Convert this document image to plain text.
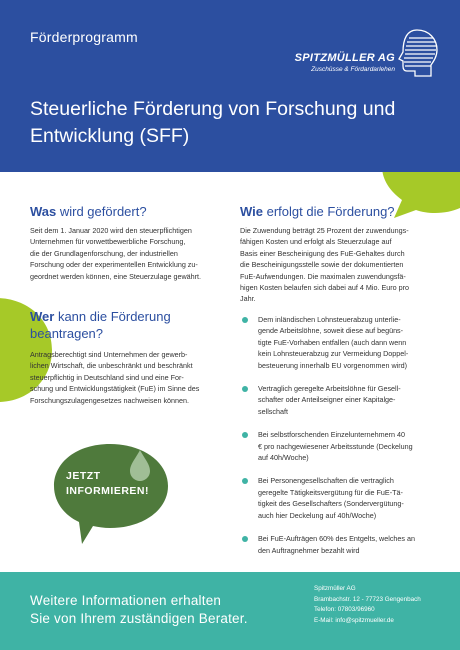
Förderprogramm
SPITZMÜLLER AG
Zuschüsse & Fördardarlehen
Steuerliche Förderung von Forschung und
Entwicklung (SFF)
Was wird gefördert?
Seit dem 1. Januar 2020 wird den steuerpflichtigen
Unternehmen für vorwettbewerbliche Forschung,
die der Grundlagenforschung, der industriellen
Forschung oder der experimentellen Entwicklung zu-
geordnet werden können, eine Steuerzulage gewährt.
Wer kann die Förderung
beantragen?
Antragsberechtigt sind Unternehmen der gewerb-
lichen Wirtschaft, die unbeschränkt und beschränkt
steuerpflichtig in Deutschland sind und eine For-
schung und Entwicklungstätigkeit (FuE) im Sinne des
Forschungszulagengesetzes nachweisen können.
JETZT
INFORMIEREN!
Wie erfolgt die Förderung?
Die Zuwendung beträgt 25 Prozent der zuwendungs-
fähigen Kosten und erfolgt als Steuerzulage auf
Basis einer Bescheinigung des FuE-Gehaltes durch
die Bescheinigungsstelle sowie der dokumentierten
FuE-Aufwendungen. Die maximalen zuwendungsfä-
higen Kosten belaufen sich dabei auf 4 Mio. Euro pro
Jahr.
Dem inländischen Lohnsteuerabzug unterlie-
gende Arbeitslöhne, soweit diese auf begüns-
tigte FuE-Vorhaben entfallen (auch dann wenn
kein Lohnsteuerabzug zur Vermeidung Doppel-
besteuerung innerhalb EU vorgenommen wird)
Vertraglich geregelte Arbeitslöhne für Gesell-
schafter oder Anteilseigner einer Kapitalge-
sellschaft
Bei selbstforschenden Einzelunternehmern 40
€ pro nachgewiesener Arbeitsstunde (Deckelung
auf 40h/Woche)
Bei Personengesellschaften die vertraglich
geregelte Tätigkeitsvergütung für die FuE-Tä-
tigkeit des Gesellschafters (Sondervergütung-
auch hier Deckelung auf 40h/Woche)
Bei FuE-Aufträgen 60% des Entgelts, welches an
den Auftragnehmer bezahlt wird
Weitere Informationen erhalten
Sie von Ihrem zuständigen Berater.
Spitzmüller AG
Brambachstr. 12 - 77723 Gengenbach
Telefon: 07803/96960
E-Mail: info@spitzmueller.de
